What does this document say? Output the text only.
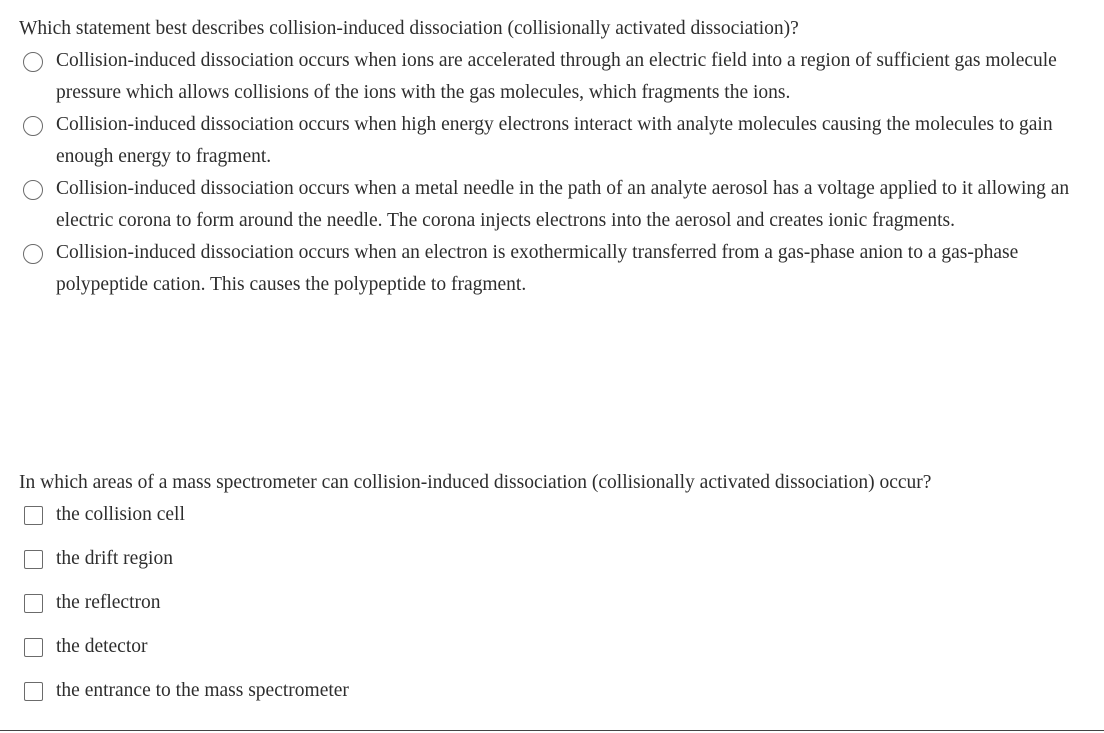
Which statement best describes collision-induced dissociation (collisionally activated dissociation)?
Collision-induced dissociation occurs when ions are accelerated through an electric field into a region of sufficient gas molecule pressure which allows collisions of the ions with the gas molecules, which fragments the ions.
Collision-induced dissociation occurs when high energy electrons interact with analyte molecules causing the molecules to gain enough energy to fragment.
Collision-induced dissociation occurs when a metal needle in the path of an analyte aerosol has a voltage applied to it allowing an electric corona to form around the needle. The corona injects electrons into the aerosol and creates ionic fragments.
Collision-induced dissociation occurs when an electron is exothermically transferred from a gas-phase anion to a gas-phase polypeptide cation. This causes the polypeptide to fragment.
In which areas of a mass spectrometer can collision-induced dissociation (collisionally activated dissociation) occur?
the collision cell
the drift region
the reflectron
the detector
the entrance to the mass spectrometer
